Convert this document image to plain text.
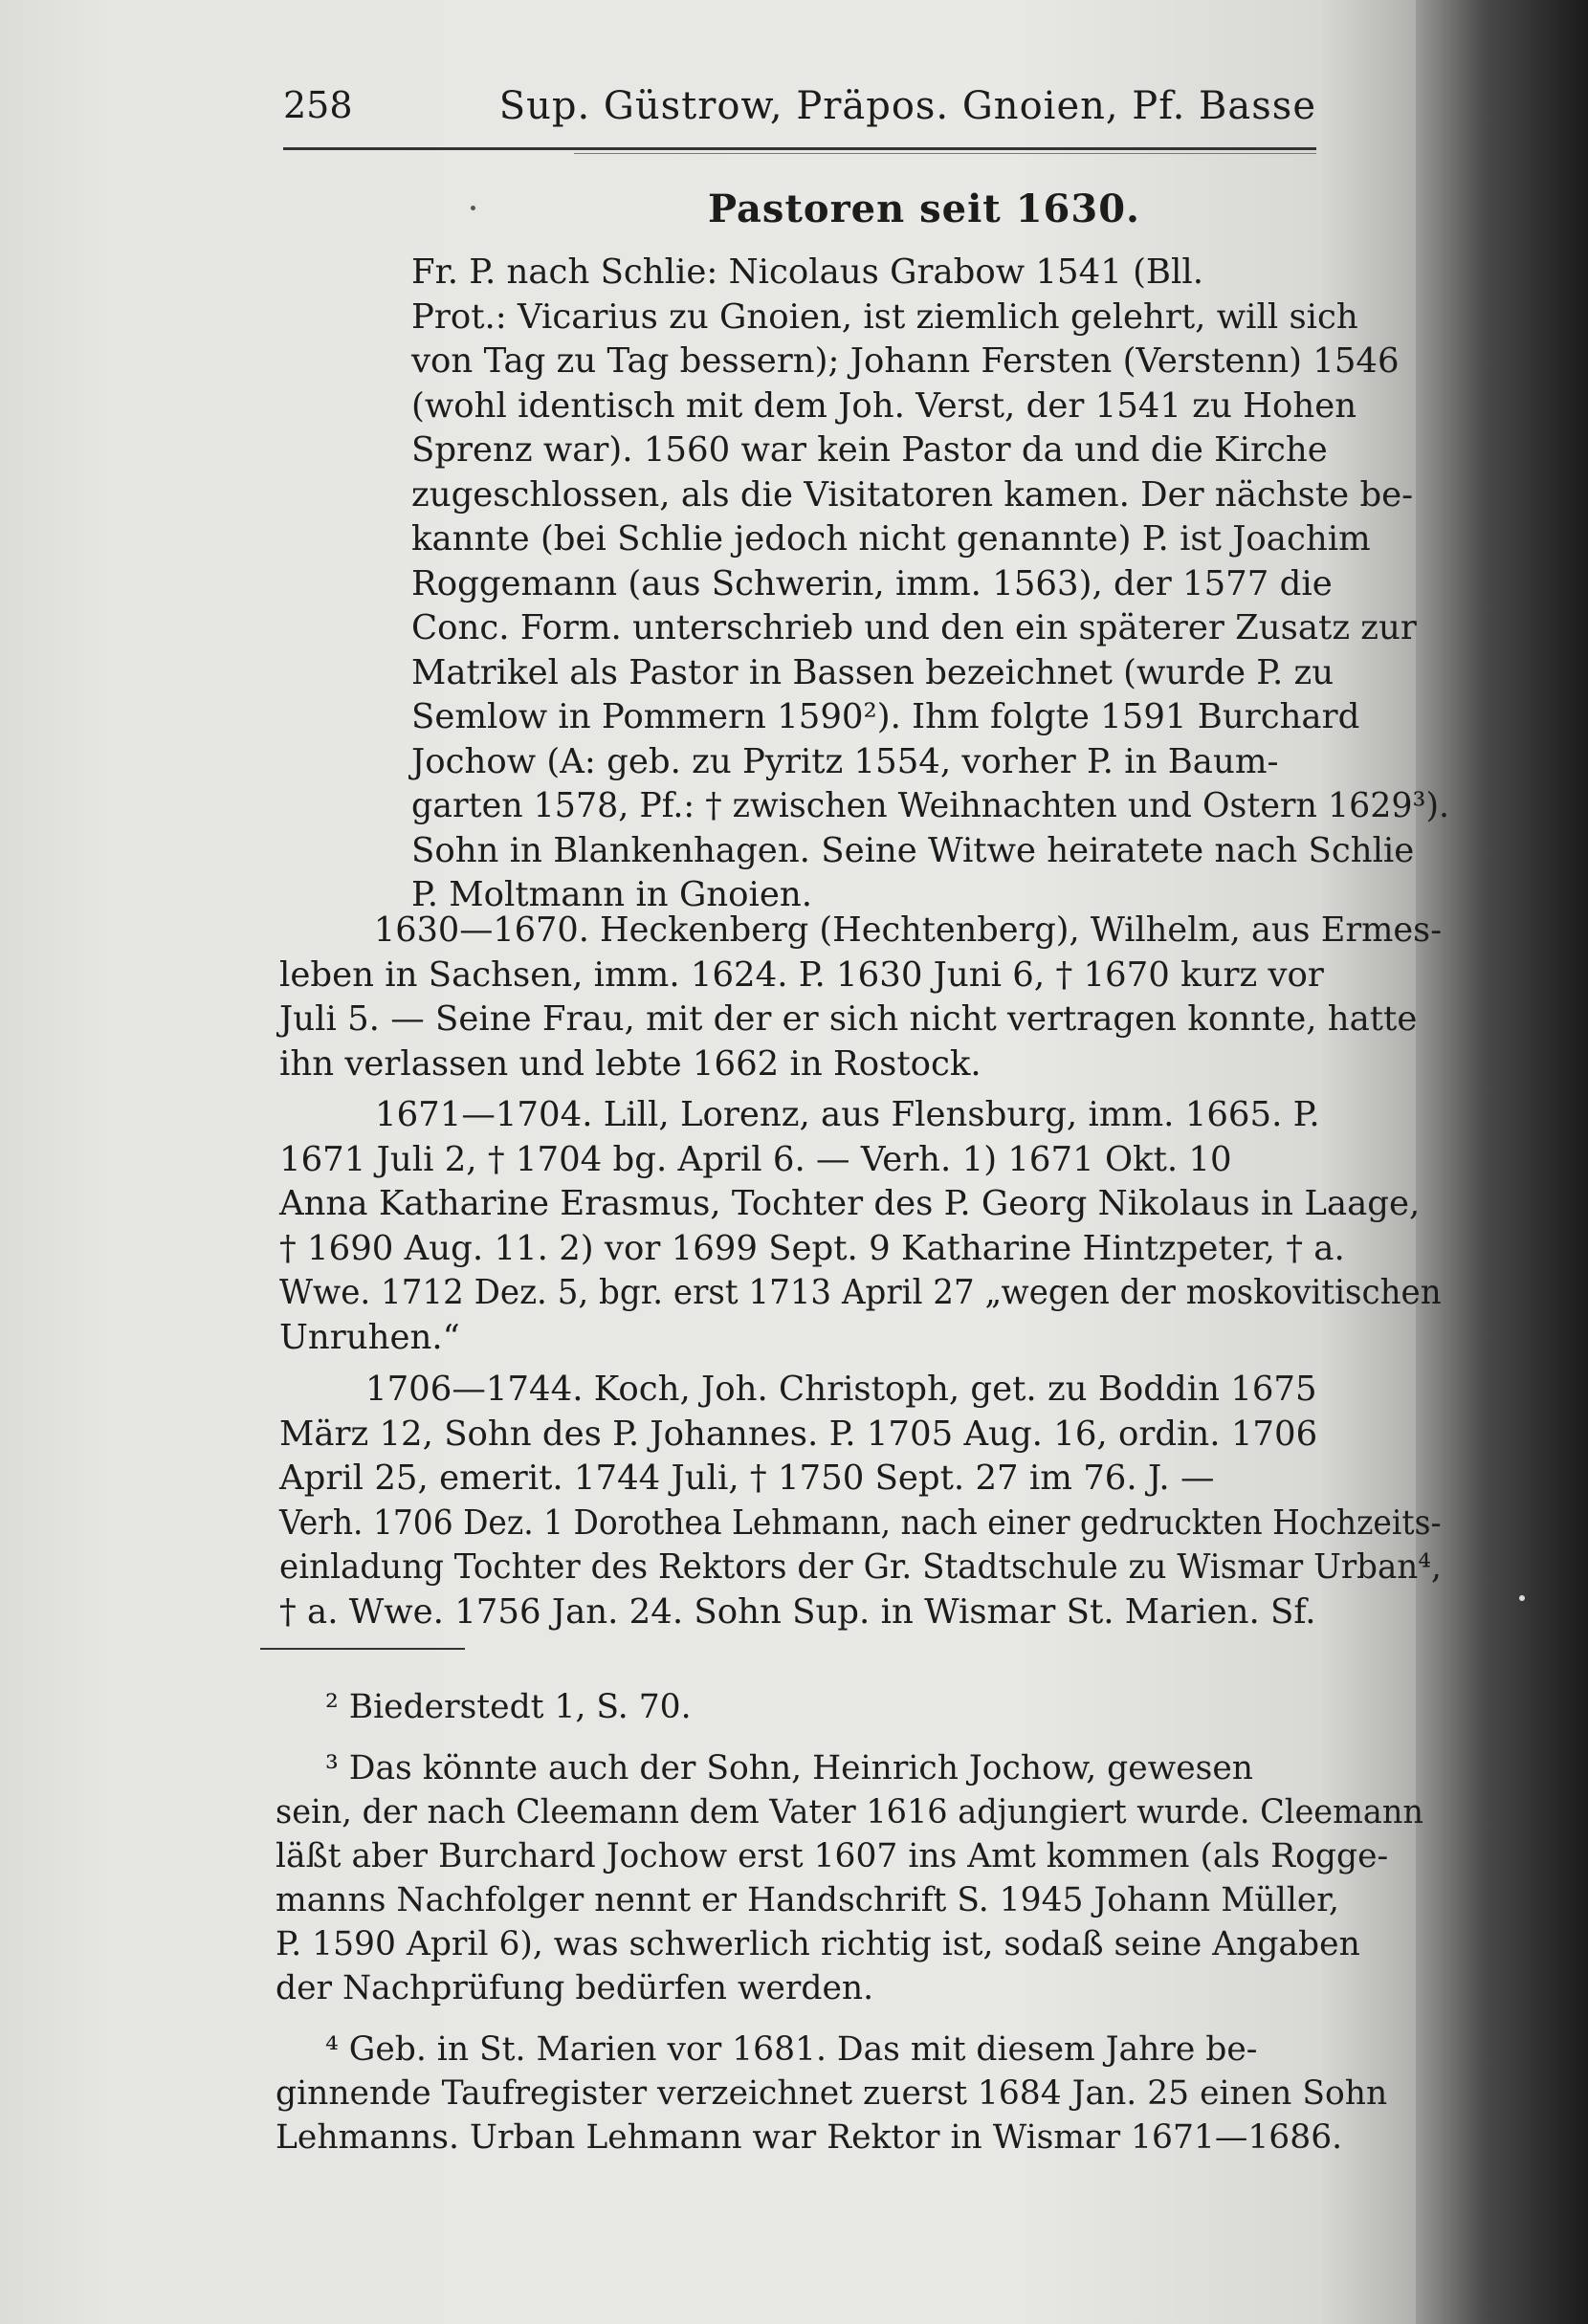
258	Sup. Güstrow, Präpos. Gnoien, Pf. Basse
Pastoren seit 1630.
Fr. P. nach Schlie: Nicolaus Grabow 1541 (Bll.
Prot.: Vicarius zu Gnoien, ist ziemlich gelehrt, will sich
von Tag zu Tag bessern); Johann Fersten (Verstenn) 1546
(wohl identisch mit dem Joh. Verst, der 1541 zu Hohen
Sprenz war). 1560 war kein Pastor da und die Kirche
zugeschlossen, als die Visitatoren kamen. Der nächste be-
kannte (bei Schlie jedoch nicht genannte) P. ist Joachim
Roggemann (aus Schwerin, imm. 1563), der 1577 die
Conc. Form. unterschrieb und den ein späterer Zusatz zur
Matrikel als Pastor in Bassen bezeichnet (wurde P. zu
Semlow in Pommern 1590²). Ihm folgte 1591 Burchard
Jochow (A: geb. zu Pyritz 1554, vorher P. in Baum-
garten 1578, Pf.: † zwischen Weihnachten und Ostern 1629³).
Sohn in Blankenhagen. Seine Witwe heiratete nach Schlie
P. Moltmann in Gnoien.
1630—1670. Heckenberg (Hechtenberg), Wilhelm, aus Ermes-
leben in Sachsen, imm. 1624. P. 1630 Juni 6, † 1670 kurz vor
Juli 5. — Seine Frau, mit der er sich nicht vertragen konnte, hatte
ihn verlassen und lebte 1662 in Rostock.
1671—1704. Lill, Lorenz, aus Flensburg, imm. 1665. P.
1671 Juli 2, † 1704 bg. April 6. — Verh. 1) 1671 Okt. 10
Anna Katharine Erasmus, Tochter des P. Georg Nikolaus in Laage,
† 1690 Aug. 11. 2) vor 1699 Sept. 9 Katharine Hintzpeter, † a.
Wwe. 1712 Dez. 5, bgr. erst 1713 April 27 „wegen der moskovitischen
Unruhen.“
1706—1744. Koch, Joh. Christoph, get. zu Boddin 1675
März 12, Sohn des P. Johannes. P. 1705 Aug. 16, ordin. 1706
April 25, emerit. 1744 Juli, † 1750 Sept. 27 im 76. J. —
Verh. 1706 Dez. 1 Dorothea Lehmann, nach einer gedruckten Hochzeits-
einladung Tochter des Rektors der Gr. Stadtschule zu Wismar Urban⁴,
† a. Wwe. 1756 Jan. 24. Sohn Sup. in Wismar St. Marien. Sf.
² Biederstedt 1, S. 70.
³ Das könnte auch der Sohn, Heinrich Jochow, gewesen
sein, der nach Cleemann dem Vater 1616 adjungiert wurde. Cleemann
läßt aber Burchard Jochow erst 1607 ins Amt kommen (als Rogge-
manns Nachfolger nennt er Handschrift S. 1945 Johann Müller,
P. 1590 April 6), was schwerlich richtig ist, sodaß seine Angaben
der Nachprüfung bedürfen werden.
⁴ Geb. in St. Marien vor 1681. Das mit diesem Jahre be-
ginnende Taufregister verzeichnet zuerst 1684 Jan. 25 einen Sohn
Lehmanns. Urban Lehmann war Rektor in Wismar 1671—1686.
